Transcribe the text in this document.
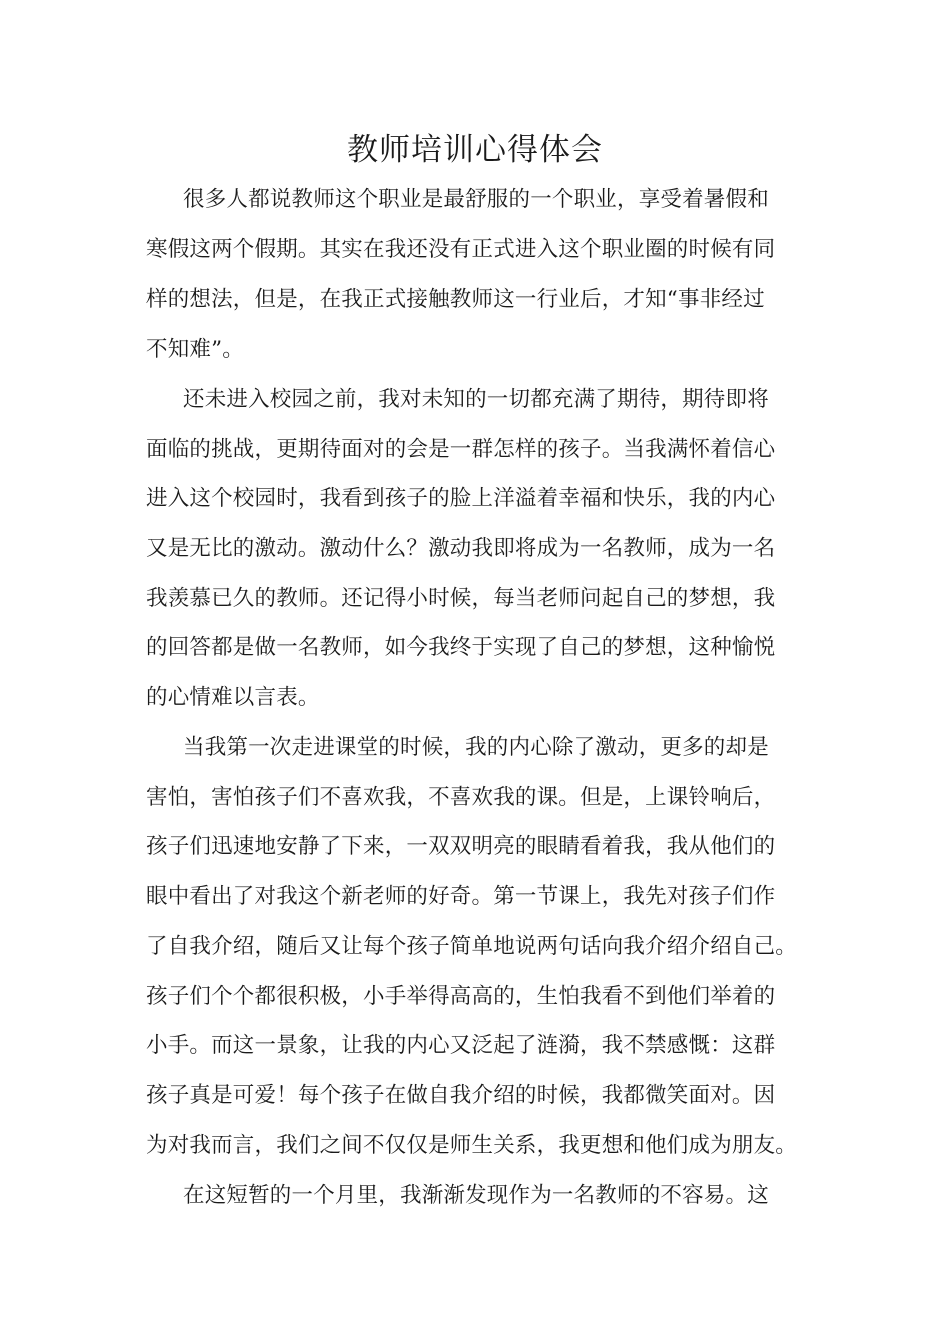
教师培训心得体会
很多人都说教师这个职业是最舒服的一个职业，享受着暑假和
寒假这两个假期。其实在我还没有正式进入这个职业圈的时候有同
样的想法，但是，在我正式接触教师这一行业后，才知“事非经过
不知难”。
还未进入校园之前，我对未知的一切都充满了期待，期待即将
面临的挑战，更期待面对的会是一群怎样的孩子。当我满怀着信心
进入这个校园时，我看到孩子的脸上洋溢着幸福和快乐，我的内心
又是无比的激动。激动什么？激动我即将成为一名教师，成为一名
我羡慕已久的教师。还记得小时候，每当老师问起自己的梦想，我
的回答都是做一名教师，如今我终于实现了自己的梦想，这种愉悦
的心情难以言表。
当我第一次走进课堂的时候，我的内心除了激动，更多的却是
害怕，害怕孩子们不喜欢我，不喜欢我的课。但是，上课铃响后，
孩子们迅速地安静了下来，一双双明亮的眼睛看着我，我从他们的
眼中看出了对我这个新老师的好奇。第一节课上，我先对孩子们作
了自我介绍，随后又让每个孩子简单地说两句话向我介绍介绍自己。
孩子们个个都很积极，小手举得高高的，生怕我看不到他们举着的
小手。而这一景象，让我的内心又泛起了涟漪，我不禁感慨：这群
孩子真是可爱！每个孩子在做自我介绍的时候，我都微笑面对。因
为对我而言，我们之间不仅仅是师生关系，我更想和他们成为朋友。
在这短暂的一个月里，我渐渐发现作为一名教师的不容易。这
